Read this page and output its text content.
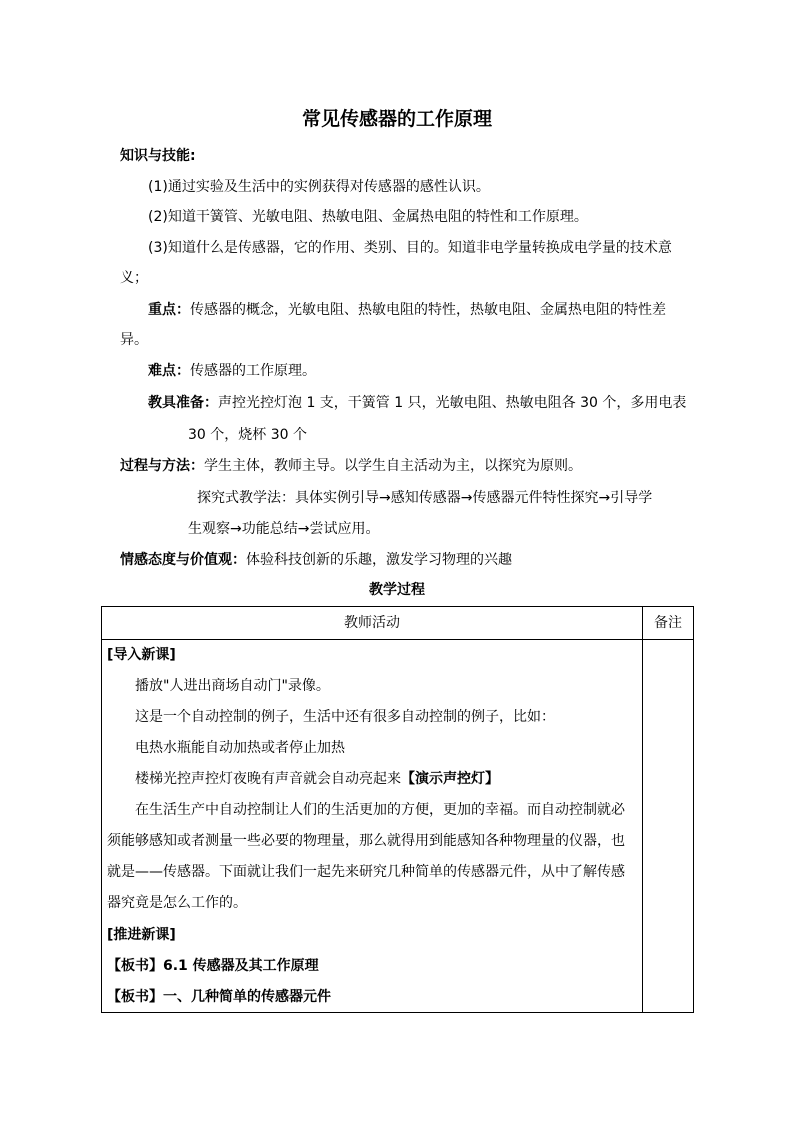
常见传感器的工作原理
知识与技能:
(1)通过实验及生活中的实例获得对传感器的感性认识。
(2)知道干簧管、光敏电阻、热敏电阻、金属热电阻的特性和工作原理。
(3)知道什么是传感器，它的作用、类别、目的。知道非电学量转换成电学量的技术意
义；
重点：传感器的概念，光敏电阻、热敏电阻的特性，热敏电阻、金属热电阻的特性差
异。
难点：传感器的工作原理。
教具准备：声控光控灯泡 1 支，干簧管 1 只，光敏电阻、热敏电阻各 30 个，多用电表
30 个，烧杯 30 个
过程与方法：学生主体，教师主导。以学生自主活动为主，以探究为原则。
探究式教学法：具体实例引导→感知传感器→传感器元件特性探究→引导学
生观察→功能总结→尝试应用。
情感态度与价值观：体验科技创新的乐趣，激发学习物理的兴趣
教学过程
教师活动	备注
[导入新课]
播放"人进出商场自动门"录像。
这是一个自动控制的例子，生活中还有很多自动控制的例子，比如：
电热水瓶能自动加热或者停止加热
楼梯光控声控灯夜晚有声音就会自动亮起来【演示声控灯】
在生活生产中自动控制让人们的生活更加的方便，更加的幸福。而自动控制就必
须能够感知或者测量一些必要的物理量，那么就得用到能感知各种物理量的仪器，也
就是——传感器。下面就让我们一起先来研究几种简单的传感器元件，从中了解传感
器究竟是怎么工作的。
[推进新课]
【板书】6.1 传感器及其工作原理
【板书】一、几种简单的传感器元件
